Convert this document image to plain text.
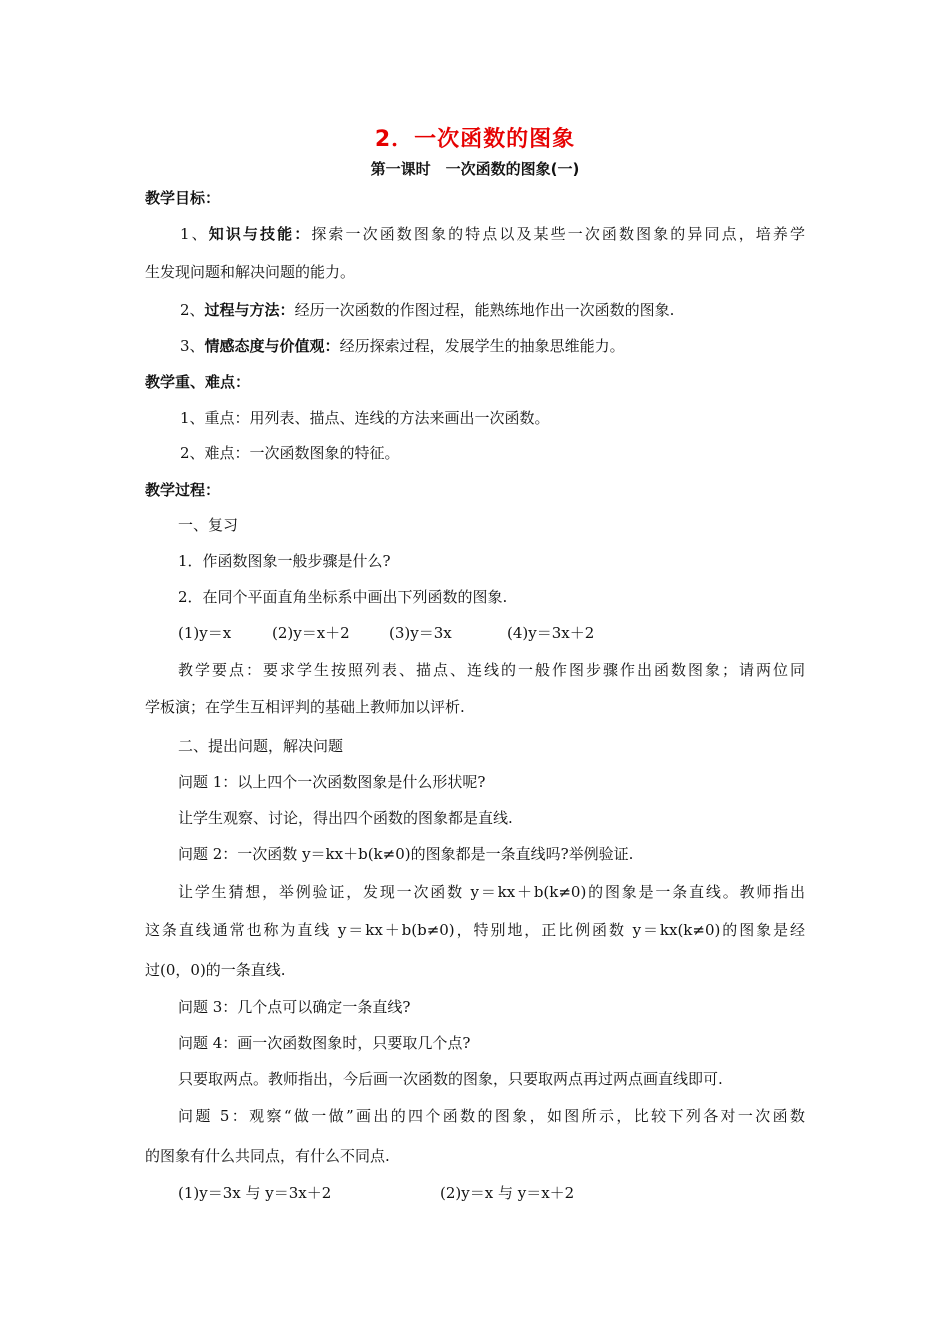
2．一次函数的图象
第一课时　一次函数的图象(一)
教学目标：
1、知识与技能：探索一次函数图象的特点以及某些一次函数图象的异同点，培养学
生发现问题和解决问题的能力。
2、过程与方法：经历一次函数的作图过程，能熟练地作出一次函数的图象.
3、情感态度与价值观：经历探索过程，发展学生的抽象思维能力。
教学重、难点：
1、重点：用列表、描点、连线的方法来画出一次函数。
2、难点：一次函数图象的特征。
教学过程：
一、复习
1．作函数图象一般步骤是什么?
2．在同个平面直角坐标系中画出下列函数的图象.
(1)y＝x	(2)y＝x＋2	(3)y＝3x	(4)y＝3x＋2
教学要点：要求学生按照列表、描点、连线的一般作图步骤作出函数图象；请两位同
学板演；在学生互相评判的基础上教师加以评析.
二、提出问题，解决问题
问题 1：以上四个一次函数图象是什么形状呢?
让学生观察、讨论，得出四个函数的图象都是直线.
问题 2：一次函数 y＝kx＋b(k≠0)的图象都是一条直线吗?举例验证.
让学生猜想，举例验证，发现一次函数 y＝kx＋b(k≠0)的图象是一条直线。教师指出
这条直线通常也称为直线 y＝kx＋b(b≠0)，特别地，正比例函数 y＝kx(k≠0)的图象是经
过(0，0)的一条直线.
问题 3：几个点可以确定一条直线?
问题 4：画一次函数图象时，只要取几个点?
只要取两点。教师指出，今后画一次函数的图象，只要取两点再过两点画直线即可.
问题 5：观察“做一做”画出的四个函数的图象，如图所示，比较下列各对一次函数
的图象有什么共同点，有什么不同点.
(1)y＝3x 与 y＝3x＋2	(2)y＝x 与 y＝x＋2
